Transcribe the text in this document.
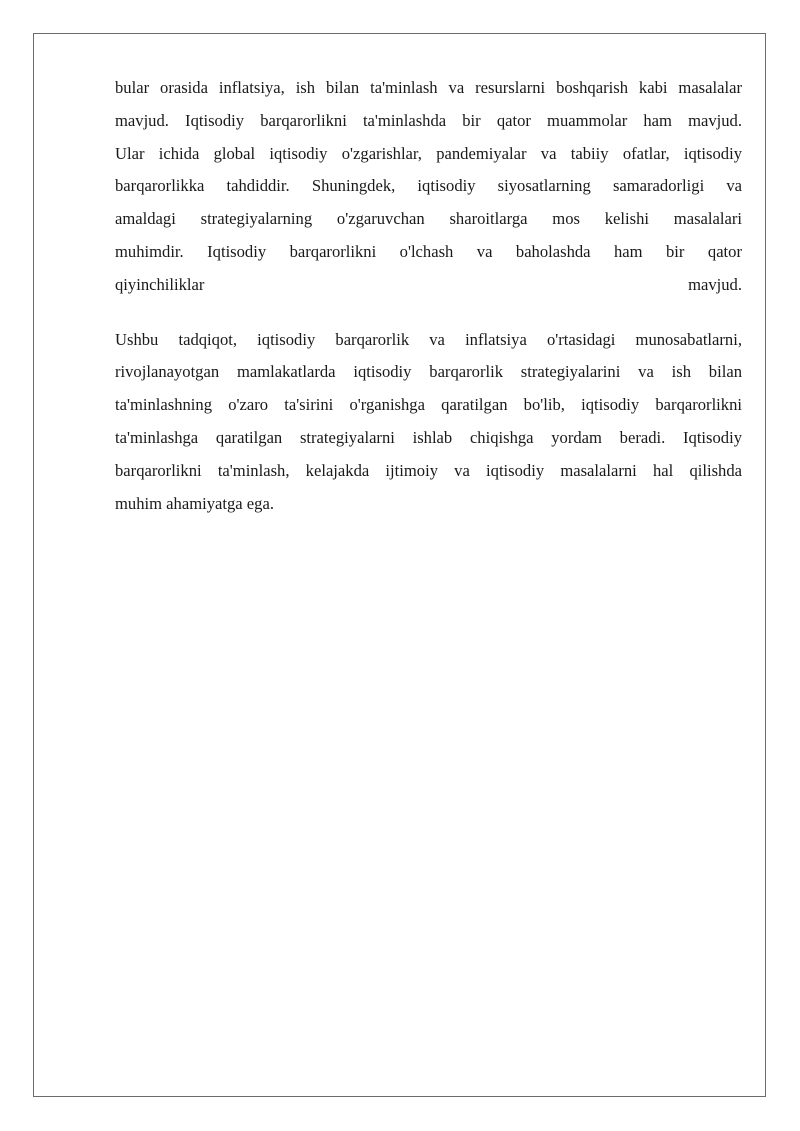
bular orasida inflatsiya, ish bilan ta'minlash va resurslarni boshqarish kabi masalalar

mavjud. Iqtisodiy barqarorlikni ta'minlashda bir qator muammolar ham mavjud.

Ular ichida global iqtisodiy o'zgarishlar, pandemiyalar va tabiiy ofatlar, iqtisodiy

barqarorlikka tahdiddir. Shuningdek, iqtisodiy siyosatlarning samaradorligi va

amaldagi strategiyalarning o'zgaruvchan sharoitlarga mos kelishi masalalari

muhimdir. Iqtisodiy barqarorlikni o'lchash va baholashda ham bir qator

qiyinchiliklar mavjud.

Ushbu tadqiqot, iqtisodiy barqarorlik va inflatsiya o'rtasidagi munosabatlarni,

rivojlanayotgan mamlakatlarda iqtisodiy barqarorlik strategiyalarini va ish bilan

ta'minlashning o'zaro ta'sirini o'rganishga qaratilgan bo'lib, iqtisodiy barqarorlikni

ta'minlashga qaratilgan strategiyalarni ishlab chiqishga yordam beradi. Iqtisodiy

barqarorlikni ta'minlash, kelajakda ijtimoiy va iqtisodiy masalalarni hal qilishda

muhim ahamiyatga ega.
